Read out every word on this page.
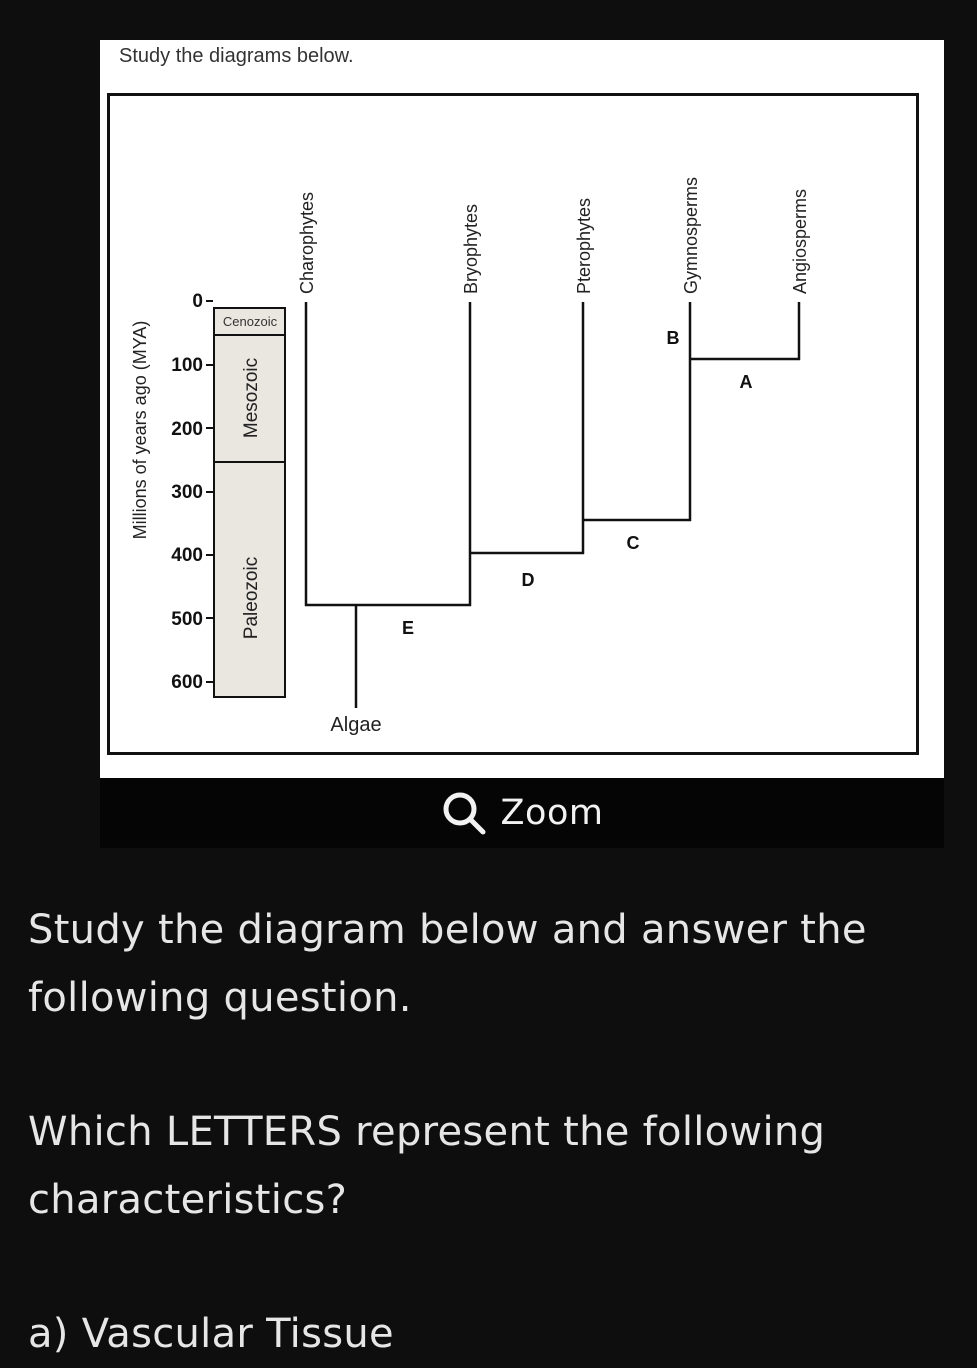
Study the diagrams below.
Millions of years ago (MYA)
0
100
200
300
400
500
600
Cenozoic
Mesozoic
Paleozoic
Charophytes	Bryophytes	Pterophytes	Gymnosperms	Angiosperms
B
A
C
D
E
Algae
Zoom

Study the diagram below and answer the following question.

Which LETTERS represent the following characteristics?

a) Vascular Tissue
